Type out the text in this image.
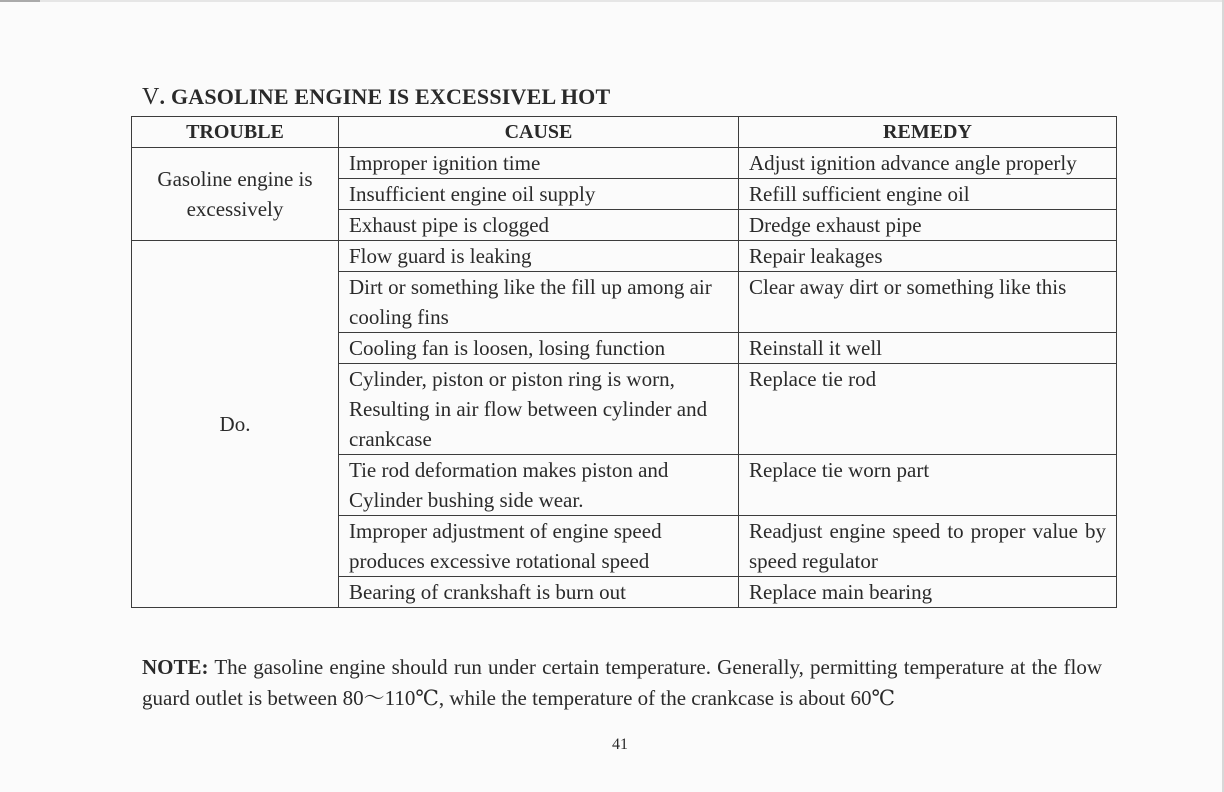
V. GASOLINE ENGINE IS EXCESSIVEL HOT
TROUBLE	CAUSE	REMEDY
Gasoline engine is excessively	Improper ignition time	Adjust ignition advance angle properly
	Insufficient engine oil supply	Refill sufficient engine oil
	Exhaust pipe is clogged	Dredge exhaust pipe
Do.	Flow guard is leaking	Repair leakages
	Dirt or something like the fill up among air cooling fins	Clear away dirt or something like this
	Cooling fan is loosen, losing function	Reinstall it well
	Cylinder, piston or piston ring is worn, Resulting in air flow between cylinder and crankcase	Replace tie rod
	Tie rod deformation makes piston and Cylinder bushing side wear.	Replace tie worn part
	Improper adjustment of engine speed produces excessive rotational speed	Readjust engine speed to proper value by speed regulator
	Bearing of crankshaft is burn out	Replace main bearing
NOTE: The gasoline engine should run under certain temperature. Generally, permitting temperature at the flow guard outlet is between 80～110℃, while the temperature of the crankcase is about 60℃
41
